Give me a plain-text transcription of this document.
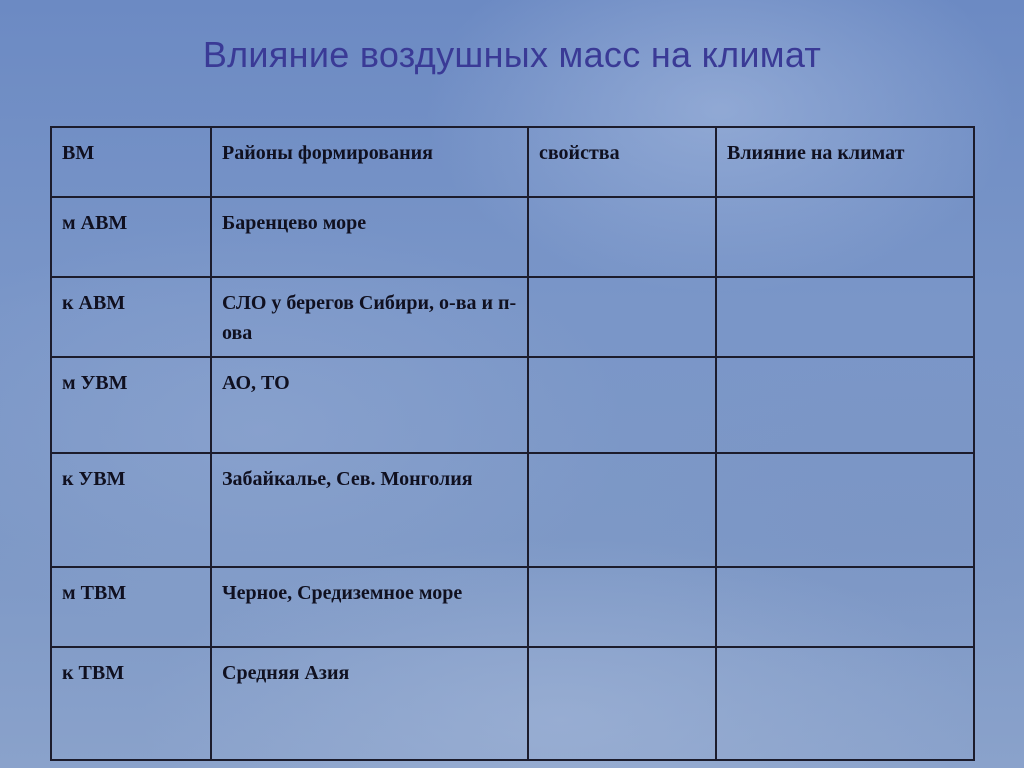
Влияние воздушных масс на климат
ВМ	Районы формирования	свойства	Влияние на климат
м АВМ	Баренцево море		
к АВМ	СЛО у берегов Сибири, о-ва и п-ова		
м УВМ	АО, ТО		
к УВМ	Забайкалье, Сев. Монголия		
м ТВМ	Черное, Средиземное море		
к ТВМ	Средняя Азия		
